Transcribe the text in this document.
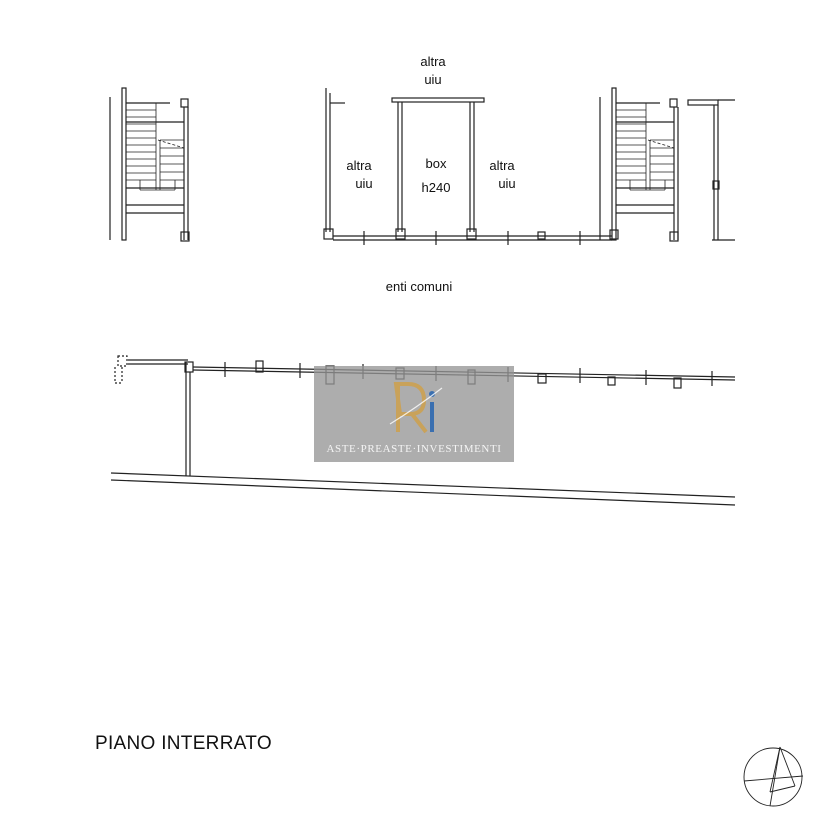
altra
uiu
altra
uiu
box
h240
altra
uiu
enti comuni
ASTE·PREASTE·INVESTIMENTI
PIANO INTERRATO
